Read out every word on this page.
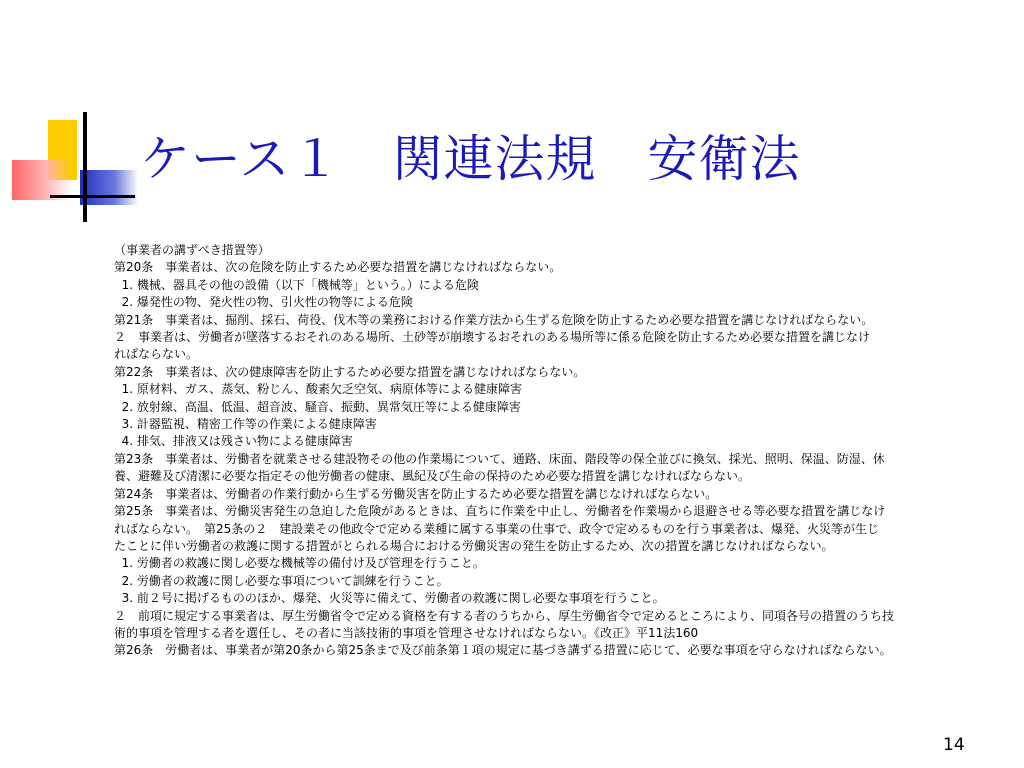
ケース１　関連法規　安衛法
（事業者の講ずべき措置等）
第20条　事業者は、次の危険を防止するため必要な措置を講じなければならない。
1. 機械、器具その他の設備（以下「機械等」という。）による危険
2. 爆発性の物、発火性の物、引火性の物等による危険
第21条　事業者は、掘削、採石、荷役、伐木等の業務における作業方法から生ずる危険を防止するため必要な措置を講じなければならない。
２　事業者は、労働者が墜落するおそれのある場所、土砂等が崩壊するおそれのある場所等に係る危険を防止するため必要な措置を講じなけ
ればならない。
第22条　事業者は、次の健康障害を防止するため必要な措置を講じなければならない。
1. 原材料、ガス、蒸気、粉じん、酸素欠乏空気、病原体等による健康障害
2. 放射線、高温、低温、超音波、騒音、振動、異常気圧等による健康障害
3. 計器監視、精密工作等の作業による健康障害
4. 排気、排液又は残さい物による健康障害
第23条　事業者は、労働者を就業させる建設物その他の作業場について、通路、床面、階段等の保全並びに換気、採光、照明、保温、防湿、休
養、避難及び清潔に必要な指定その他労働者の健康、風紀及び生命の保持のため必要な措置を講じなければならない。
第24条　事業者は、労働者の作業行動から生ずる労働災害を防止するため必要な措置を講じなければならない。
第25条　事業者は、労働災害発生の急迫した危険があるときは、直ちに作業を中止し、労働者を作業場から退避させる等必要な措置を講じなけ
ればならない。　第25条の２　建設業その他政令で定める業種に属する事業の仕事で、政令で定めるものを行う事業者は、爆発、火災等が生じ
たことに伴い労働者の救護に関する措置がとられる場合における労働災害の発生を防止するため、次の措置を講じなければならない。
1. 労働者の救護に関し必要な機械等の備付け及び管理を行うこと。
2. 労働者の救護に関し必要な事項について訓練を行うこと。
3. 前２号に掲げるもののほか、爆発、火災等に備えて、労働者の救護に関し必要な事項を行うこと。
２　前項に規定する事業者は、厚生労働省令で定める資格を有する者のうちから、厚生労働省令で定めるところにより、同項各号の措置のうち技
術的事項を管理する者を選任し、その者に当該技術的事項を管理させなければならない。《改正》平11法160
第26条　労働者は、事業者が第20条から第25条まで及び前条第１項の規定に基づき講ずる措置に応じて、必要な事項を守らなければならない。
14
